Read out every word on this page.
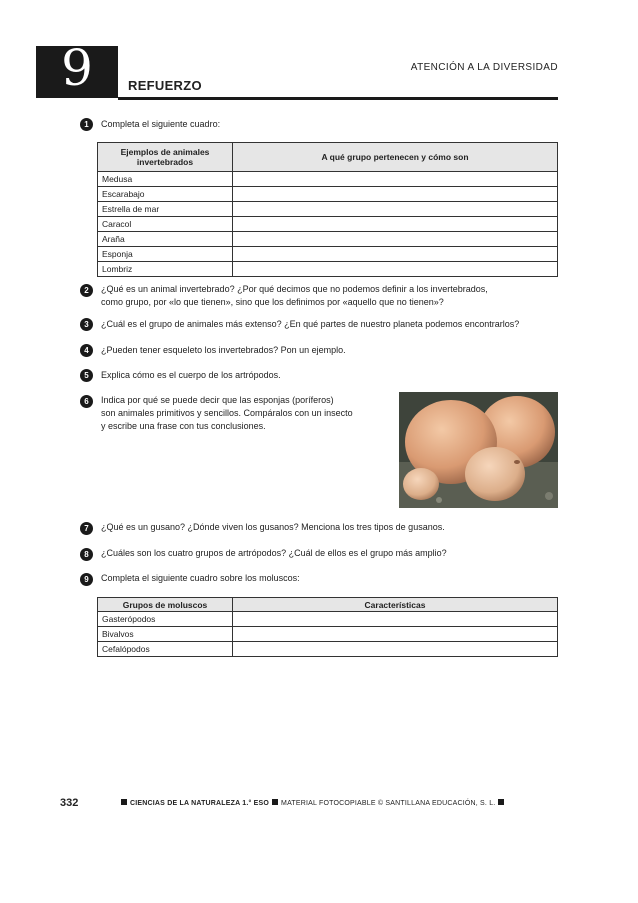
9	ATENCIÓN A LA DIVERSIDAD
REFUERZO
1	Completa el siguiente cuadro:
Ejemplos de animales
invertebrados	A qué grupo pertenecen y cómo son
Medusa	
Escarabajo	
Estrella de mar	
Caracol	
Araña	
Esponja	
Lombriz	
2	¿Qué es un animal invertebrado? ¿Por qué decimos que no podemos definir a los invertebrados,
como grupo, por «lo que tienen», sino que los definimos por «aquello que no tienen»?
3	¿Cuál es el grupo de animales más extenso? ¿En qué partes de nuestro planeta podemos encontrarlos?
4	¿Pueden tener esqueleto los invertebrados? Pon un ejemplo.
5	Explica cómo es el cuerpo de los artrópodos.
6	Indica por qué se puede decir que las esponjas (poríferos)
son animales primitivos y sencillos. Compáralos con un insecto
y escribe una frase con tus conclusiones.
7	¿Qué es un gusano? ¿Dónde viven los gusanos? Menciona los tres tipos de gusanos.
8	¿Cuáles son los cuatro grupos de artrópodos? ¿Cuál de ellos es el grupo más amplio?
9	Completa el siguiente cuadro sobre los moluscos:
Grupos de moluscos	Características
Gasterópodos	
Bivalvos	
Cefalópodos	
332	CIENCIAS DE LA NATURALEZA 1.° ESO MATERIAL FOTOCOPIABLE © SANTILLANA EDUCACIÓN, S. L.
